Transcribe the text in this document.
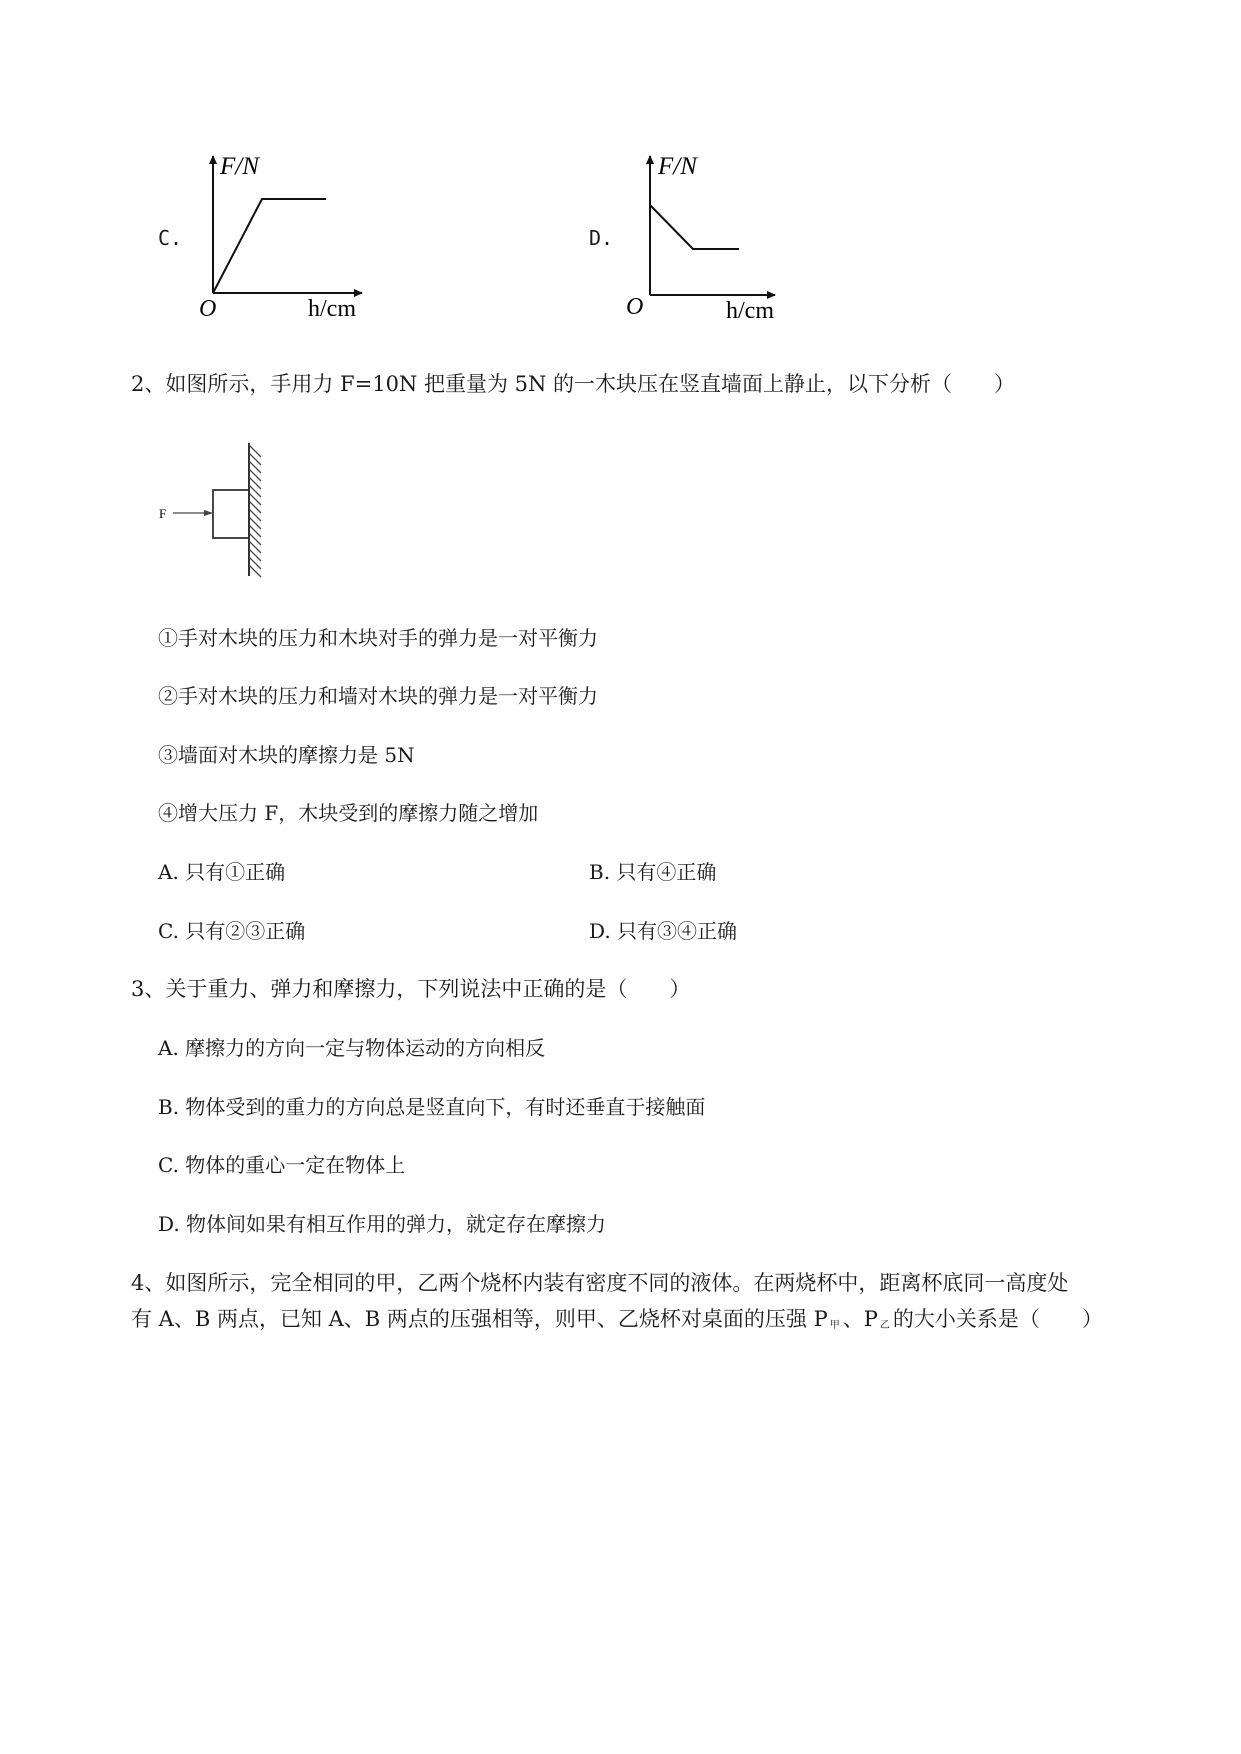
C.
F/N
O	h/cm
D.
F/N
O	h/cm
2、如图所示，手用力 F=10N 把重量为 5N 的一木块压在竖直墙面上静止，以下分析（　　）
F
①手对木块的压力和木块对手的弹力是一对平衡力
②手对木块的压力和墙对木块的弹力是一对平衡力
③墙面对木块的摩擦力是 5N
④增大压力 F，木块受到的摩擦力随之增加
A. 只有①正确	B. 只有④正确
C. 只有②③正确	D. 只有③④正确
3、关于重力、弹力和摩擦力，下列说法中正确的是（　　）
A. 摩擦力的方向一定与物体运动的方向相反
B. 物体受到的重力的方向总是竖直向下，有时还垂直于接触面
C. 物体的重心一定在物体上
D. 物体间如果有相互作用的弹力，就定存在摩擦力
4、如图所示，完全相同的甲，乙两个烧杯内装有密度不同的液体。在两烧杯中，距离杯底同一高度处
有 A、B 两点，已知 A、B 两点的压强相等，则甲、乙烧杯对桌面的压强 P $_甲$ 、P $_乙$ 的大小关系是（　　）
